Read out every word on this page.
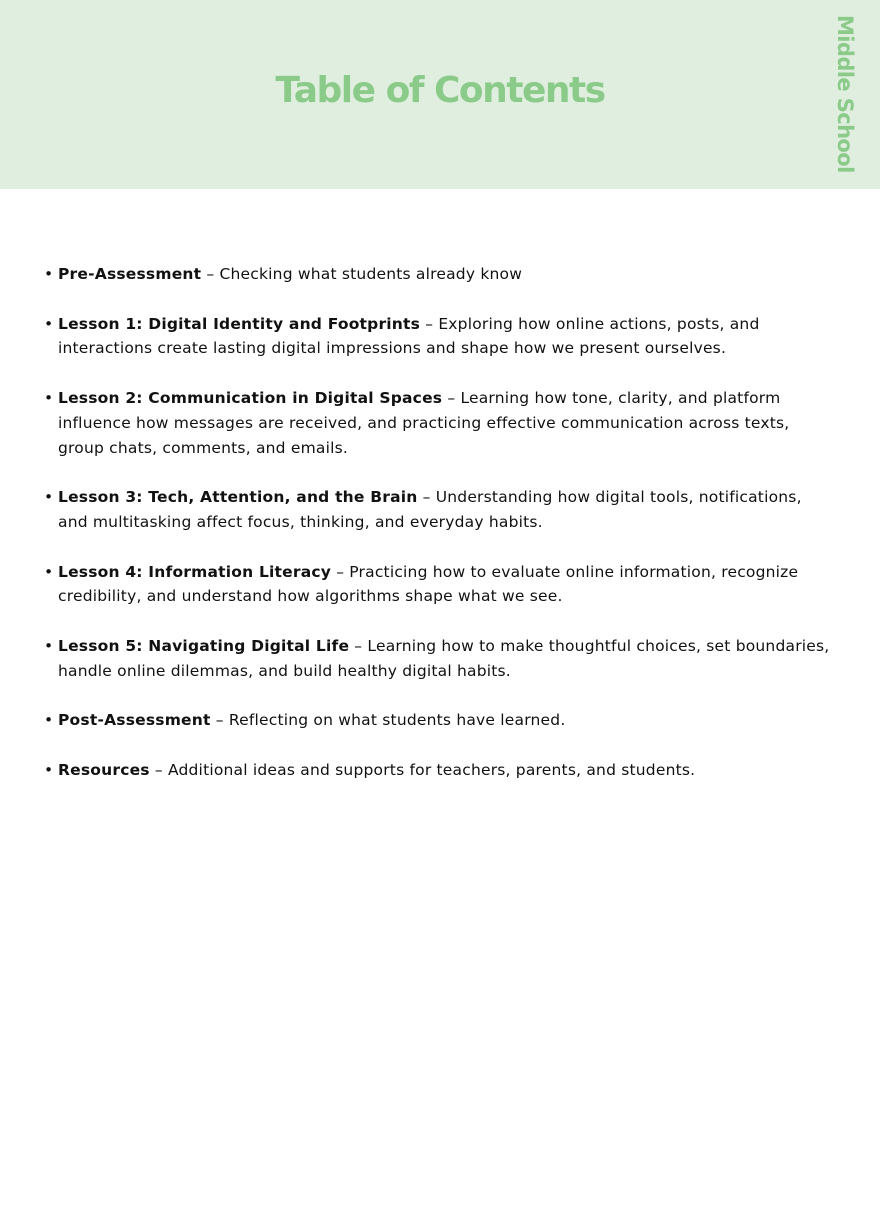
Table of Contents	Middle School
• Pre-Assessment – Checking what students already know
• Lesson 1: Digital Identity and Footprints – Exploring how online actions, posts, and interactions create lasting digital impressions and shape how we present ourselves.
• Lesson 2: Communication in Digital Spaces – Learning how tone, clarity, and platform influence how messages are received, and practicing effective communication across texts, group chats, comments, and emails.
• Lesson 3: Tech, Attention, and the Brain – Understanding how digital tools, notifications, and multitasking affect focus, thinking, and everyday habits.
• Lesson 4: Information Literacy – Practicing how to evaluate online information, recognize credibility, and understand how algorithms shape what we see.
• Lesson 5: Navigating Digital Life – Learning how to make thoughtful choices, set boundaries, handle online dilemmas, and build healthy digital habits.
• Post-Assessment – Reflecting on what students have learned.
• Resources – Additional ideas and supports for teachers, parents, and students.
